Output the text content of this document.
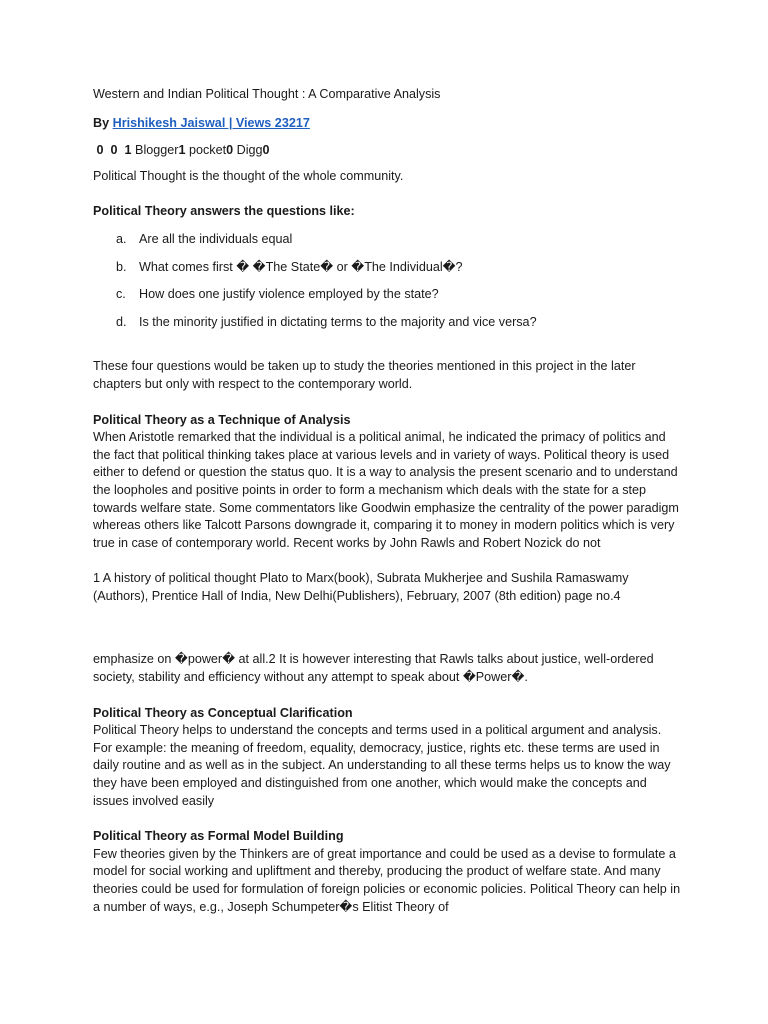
Western and Indian Political Thought : A Comparative Analysis

By Hrishikesh Jaiswal | Views 23217

0 0 1 Blogger1 pocket0 Digg0

Political Thought is the thought of the whole community.

Political Theory answers the questions like:

a. Are all the individuals equal
b. What comes first � �The State� or �The Individual�?
c. How does one justify violence employed by the state?
d. Is the minority justified in dictating terms to the majority and vice versa?

These four questions would be taken up to study the theories mentioned in this project in the later chapters but only with respect to the contemporary world.

Political Theory as a Technique of Analysis

When Aristotle remarked that the individual is a political animal, he indicated the primacy of politics and the fact that political thinking takes place at various levels and in variety of ways. Political theory is used either to defend or question the status quo. It is a way to analysis the present scenario and to understand the loopholes and positive points in order to form a mechanism which deals with the state for a step towards welfare state. Some commentators like Goodwin emphasize the centrality of the power paradigm whereas others like Talcott Parsons downgrade it, comparing it to money in modern politics which is very true in case of contemporary world. Recent works by John Rawls and Robert Nozick do not

1 A history of political thought Plato to Marx(book), Subrata Mukherjee and Sushila Ramaswamy (Authors), Prentice Hall of India, New Delhi(Publishers), February, 2007 (8th edition) page no.4

emphasize on �power� at all.2 It is however interesting that Rawls talks about justice, well-ordered society, stability and efficiency without any attempt to speak about �Power�.

Political Theory as Conceptual Clarification

Political Theory helps to understand the concepts and terms used in a political argument and analysis. For example: the meaning of freedom, equality, democracy, justice, rights etc. these terms are used in daily routine and as well as in the subject. An understanding to all these terms helps us to know the way they have been employed and distinguished from one another, which would make the concepts and issues involved easily

Political Theory as Formal Model Building

Few theories given by the Thinkers are of great importance and could be used as a devise to formulate a model for social working and upliftment and thereby, producing the product of welfare state. And many theories could be used for formulation of foreign policies or economic policies. Political Theory can help in a number of ways, e.g., Joseph Schumpeter�s Elitist Theory of
